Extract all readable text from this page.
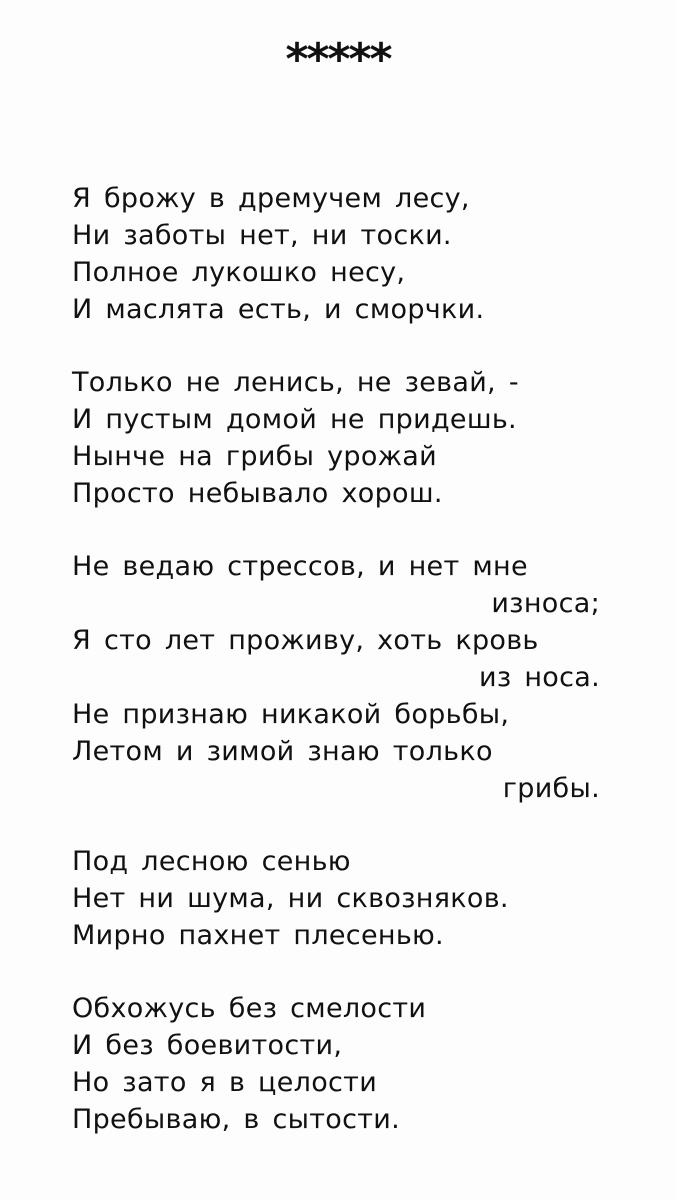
*****
Я брожу в дремучем лесу,
Ни заботы нет, ни тоски.
Полное лукошко несу,
И маслята есть, и сморчки.
Только не ленись, не зевай, -
И пустым домой не придешь.
Нынче на грибы урожай
Просто небывало хорош.
Не ведаю стрессов, и нет мне
износа;
Я сто лет проживу, хоть кровь
из носа.
Не признаю никакой борьбы,
Летом и зимой знаю только
грибы.
Под лесною сенью
Нет ни шума, ни сквозняков.
Мирно пахнет плесенью.
Обхожусь без смелости
И без боевитости,
Но зато я в целости
Пребываю, в сытости.
